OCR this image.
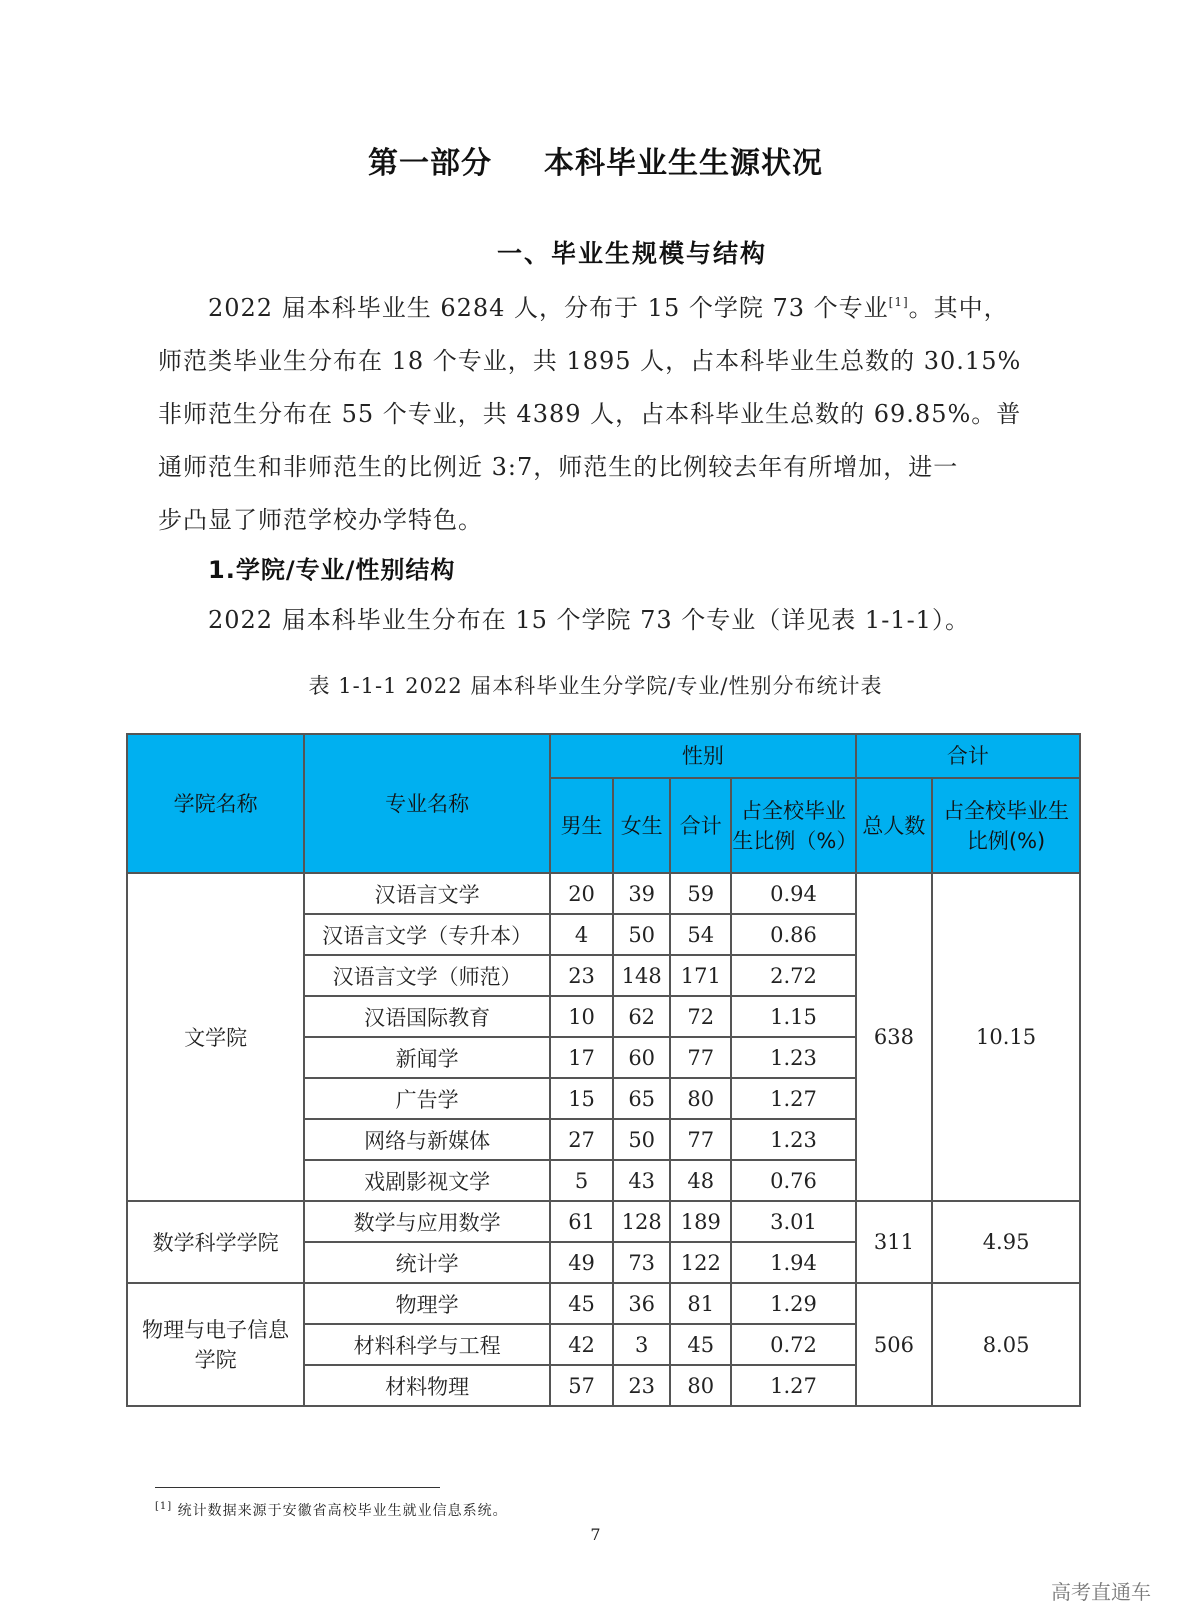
第一部分 本科毕业生生源状况
一、毕业生规模与结构
2022 届本科毕业生 6284 人，分布于 15 个学院 73 个专业[1]。其中，
师范类毕业生分布在 18 个专业，共 1895 人，占本科毕业生总数的 30.15%
非师范生分布在 55 个专业，共 4389 人，占本科毕业生总数的 69.85%。普
通师范生和非师范生的比例近 3:7，师范生的比例较去年有所增加，进一
步凸显了师范学校办学特色。
1.学院/专业/性别结构
2022 届本科毕业生分布在 15 个学院 73 个专业（详见表 1-1-1）。
表 1-1-1 2022 届本科毕业生分学院/专业/性别分布统计表
学院名称	专业名称	性别				合计	
		男生	女生	合计	占全校毕业生比例（%）	总人数	占全校毕业生比例(%)
文学院	汉语言文学	20	39	59	0.94	638	10.15
	汉语言文学（专升本）	4	50	54	0.86		
	汉语言文学（师范）	23	148	171	2.72		
	汉语国际教育	10	62	72	1.15		
	新闻学	17	60	77	1.23		
	广告学	15	65	80	1.27		
	网络与新媒体	27	50	77	1.23		
	戏剧影视文学	5	43	48	0.76		
数学科学学院	数学与应用数学	61	128	189	3.01	311	4.95
	统计学	49	73	122	1.94		
物理与电子信息学院	物理学	45	36	81	1.29	506	8.05
	材料科学与工程	42	3	45	0.72		
	材料物理	57	23	80	1.27		
[1] 统计数据来源于安徽省高校毕业生就业信息系统。
7
高考直通车
